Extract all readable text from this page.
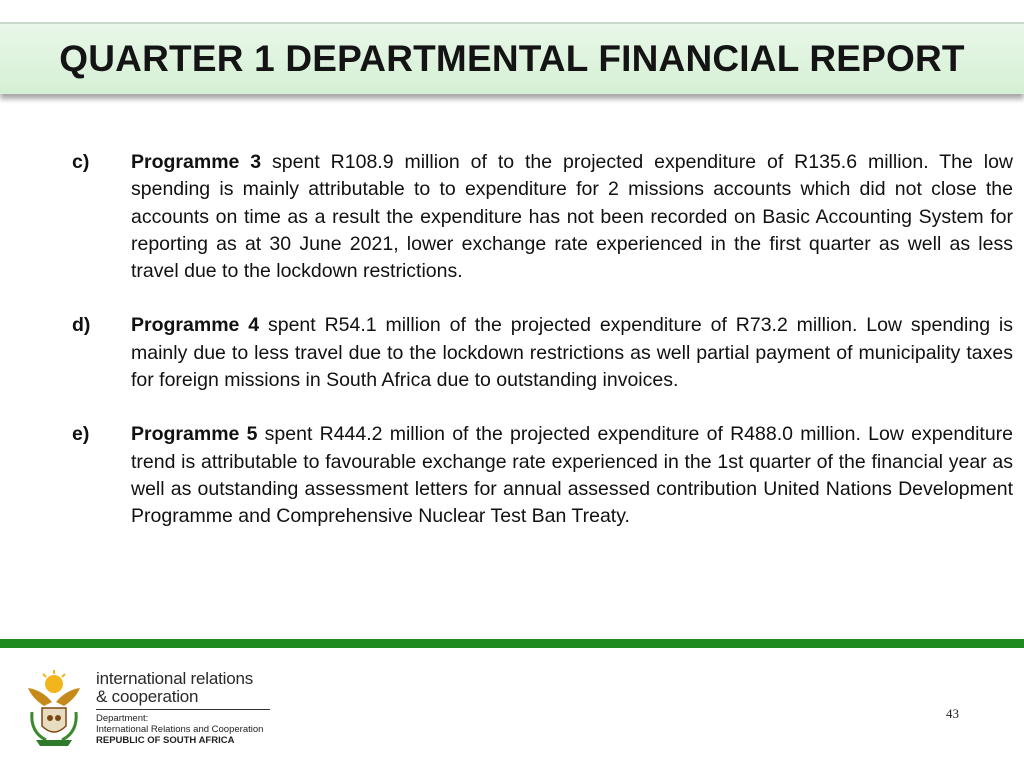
QUARTER 1 DEPARTMENTAL FINANCIAL REPORT
c)	Programme 3 spent R108.9 million of to the projected expenditure of R135.6 million. The low spending is mainly attributable to to expenditure for 2 missions accounts which did not close the accounts on time as a result the expenditure has not been recorded on Basic Accounting System for reporting as at 30 June 2021, lower exchange rate experienced in the first quarter as well as less travel due to the lockdown restrictions.
d)	Programme 4 spent R54.1 million of the projected expenditure of R73.2 million. Low spending is mainly due to less travel due to the lockdown restrictions as well partial payment of municipality taxes for foreign missions in South Africa due to outstanding invoices.
e)	Programme 5 spent R444.2 million of the projected expenditure of R488.0 million. Low expenditure trend is attributable to favourable exchange rate experienced in the 1st quarter of the financial year as well as outstanding assessment letters for annual assessed contribution United Nations Development Programme and Comprehensive Nuclear Test Ban Treaty.
international relations
& cooperation
Department:
International Relations and Cooperation
REPUBLIC OF SOUTH AFRICA
43
